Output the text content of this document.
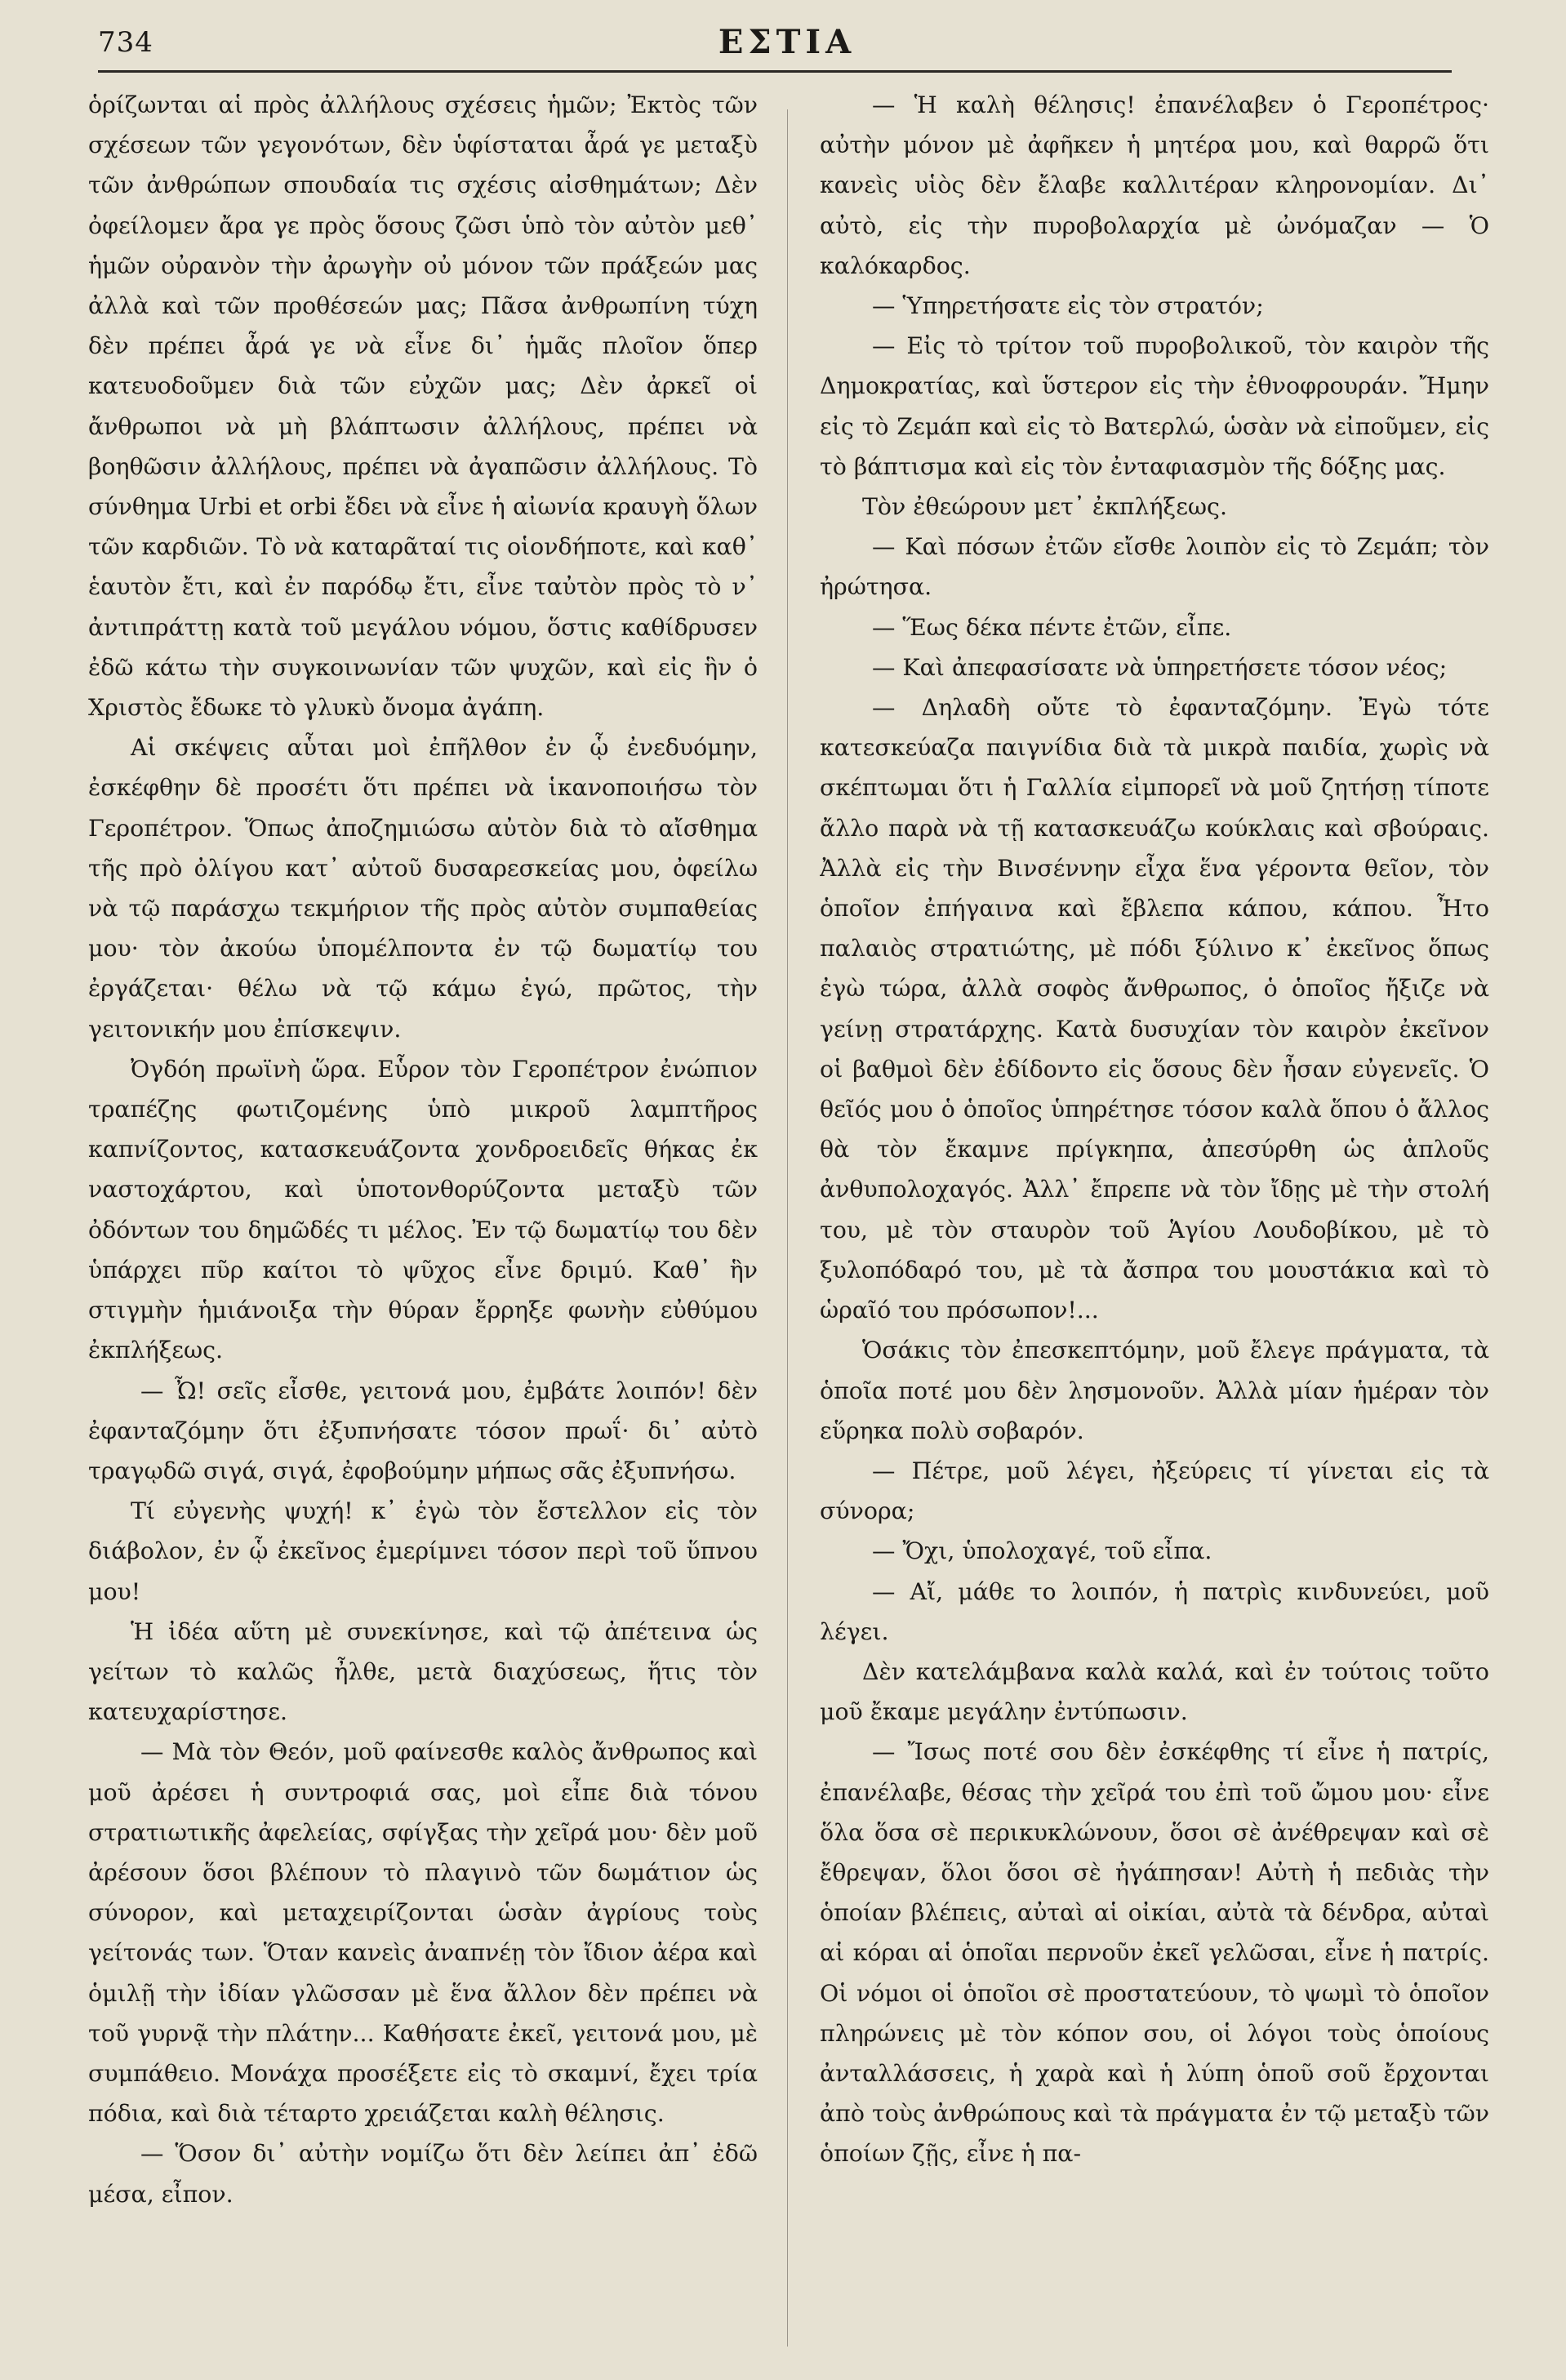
734	ΕΣΤΙΑ

ὁρίζωνται αἱ πρὸς ἀλλήλους σχέσεις ἡμῶν; Ἐκτὸς τῶν σχέσεων τῶν γεγονότων, δὲν ὑφίσταται ἆρά γε μεταξὺ τῶν ἀνθρώπων σπουδαία τις σχέσις αἰσθημάτων; Δὲν ὀφείλομεν ἄρα γε πρὸς ὅσους ζῶσι ὑπὸ τὸν αὐτὸν μεθ᾽ ἡμῶν οὐρανὸν τὴν ἀρωγὴν οὐ μόνον τῶν πράξεών μας ἀλλὰ καὶ τῶν προθέσεών μας; Πᾶσα ἀνθρωπίνη τύχη δὲν πρέπει ἆρά γε νὰ εἶνε δι᾽ ἡμᾶς πλοῖον ὅπερ κατευοδοῦμεν διὰ τῶν εὐχῶν μας; Δὲν ἀρκεῖ οἱ ἄνθρωποι νὰ μὴ βλάπτωσιν ἀλλήλους, πρέπει νὰ βοηθῶσιν ἀλλήλους, πρέπει νὰ ἀγαπῶσιν ἀλλήλους. Τὸ σύνθημα Urbi et orbi ἔδει νὰ εἶνε ἡ αἰωνία κραυγὴ ὅλων τῶν καρδιῶν. Τὸ νὰ καταρᾶταί τις οἱονδήποτε, καὶ καθ᾽ ἑαυτὸν ἔτι, καὶ ἐν παρόδῳ ἔτι, εἶνε ταὐτὸν πρὸς τὸ ν᾽ ἀντιπράττῃ κατὰ τοῦ μεγάλου νόμου, ὅστις καθίδρυσεν ἐδῶ κάτω τὴν συγκοινωνίαν τῶν ψυχῶν, καὶ εἰς ἣν ὁ Χριστὸς ἔδωκε τὸ γλυκὺ ὄνομα ἀγάπη.

Αἱ σκέψεις αὗται μοὶ ἐπῆλθον ἐν ᾧ ἐνεδυόμην, ἐσκέφθην δὲ προσέτι ὅτι πρέπει νὰ ἱκανοποιήσω τὸν Γεροπέτρον. Ὅπως ἀποζημιώσω αὐτὸν διὰ τὸ αἴσθημα τῆς πρὸ ὀλίγου κατ᾽ αὐτοῦ δυσαρεσκείας μου, ὀφείλω νὰ τῷ παράσχω τεκμήριον τῆς πρὸς αὐτὸν συμπαθείας μου· τὸν ἀκούω ὑπομέλποντα ἐν τῷ δωματίῳ του ἐργάζεται· θέλω νὰ τῷ κάμω ἐγώ, πρῶτος, τὴν γειτονικήν μου ἐπίσκεψιν.

Ὀγδόη πρωϊνὴ ὥρα. Εὗρον τὸν Γεροπέτρον ἐνώπιον τραπέζης φωτιζομένης ὑπὸ μικροῦ λαμπτῆρος καπνίζοντος, κατασκευάζοντα χονδροειδεῖς θήκας ἐκ ναστοχάρτου, καὶ ὑποτονθορύζοντα μεταξὺ τῶν ὀδόντων του δημῶδές τι μέλος. Ἐν τῷ δωματίῳ του δὲν ὑπάρχει πῦρ καίτοι τὸ ψῦχος εἶνε δριμύ. Καθ᾽ ἣν στιγμὴν ἡμιάνοιξα τὴν θύραν ἔρρηξε φωνὴν εὐθύμου ἐκπλήξεως.

— Ὦ! σεῖς εἶσθε, γειτονά μου, ἐμβάτε λοιπόν! δὲν ἐφανταζόμην ὅτι ἐξυπνήσατε τόσον πρωΐ· δι᾽ αὐτὸ τραγῳδῶ σιγά, σιγά, ἐφοβούμην μήπως σᾶς ἐξυπνήσω.

Τί εὐγενὴς ψυχή! κ᾽ ἐγὼ τὸν ἔστελλον εἰς τὸν διάβολον, ἐν ᾧ ἐκεῖνος ἐμερίμνει τόσον περὶ τοῦ ὕπνου μου!

Ἡ ἰδέα αὕτη μὲ συνεκίνησε, καὶ τῷ ἀπέτεινα ὡς γείτων τὸ καλῶς ἦλθε, μετὰ διαχύσεως, ἥτις τὸν κατευχαρίστησε.

— Μὰ τὸν Θεόν, μοῦ φαίνεσθε καλὸς ἄνθρωπος καὶ μοῦ ἀρέσει ἡ συντροφιά σας, μοὶ εἶπε διὰ τόνου στρατιωτικῆς ἀφελείας, σφίγξας τὴν χεῖρά μου· δὲν μοῦ ἀρέσουν ὅσοι βλέπουν τὸ πλαγινὸ τῶν δωμάτιον ὡς σύνορον, καὶ μεταχειρίζονται ὡσὰν ἀγρίους τοὺς γείτονάς των. Ὅταν κανεὶς ἀναπνέῃ τὸν ἴδιον ἀέρα καὶ ὁμιλῇ τὴν ἰδίαν γλῶσσαν μὲ ἕνα ἄλλον δὲν πρέπει νὰ τοῦ γυρνᾷ τὴν πλάτην... Καθήσατε ἐκεῖ, γειτονά μου, μὲ συμπάθειο. Μονάχα προσέξετε εἰς τὸ σκαμνί, ἔχει τρία πόδια, καὶ διὰ τέταρτο χρειάζεται καλὴ θέλησις.

— Ὅσον δι᾽ αὐτὴν νομίζω ὅτι δὲν λείπει ἀπ᾽ ἐδῶ μέσα, εἶπον.

— Ἡ καλὴ θέλησις! ἐπανέλαβεν ὁ Γεροπέτρος· αὐτὴν μόνον μὲ ἀφῆκεν ἡ μητέρα μου, καὶ θαρρῶ ὅτι κανεὶς υἱὸς δὲν ἔλαβε καλλιτέραν κληρονομίαν. Δι᾽ αὐτὸ, εἰς τὴν πυροβολαρχία μὲ ὠνόμαζαν — Ὁ καλόκαρδος.

— Ὑπηρετήσατε εἰς τὸν στρατόν;

— Εἰς τὸ τρίτον τοῦ πυροβολικοῦ, τὸν καιρὸν τῆς Δημοκρατίας, καὶ ὕστερον εἰς τὴν ἐθνοφρουράν. Ἤμην εἰς τὸ Ζεμάπ καὶ εἰς τὸ Βατερλώ, ὡσὰν νὰ εἰποῦμεν, εἰς τὸ βάπτισμα καὶ εἰς τὸν ἐνταφιασμὸν τῆς δόξης μας.

Τὸν ἐθεώρουν μετ᾽ ἐκπλήξεως.

— Καὶ πόσων ἐτῶν εἴσθε λοιπὸν εἰς τὸ Ζεμάπ; τὸν ἠρώτησα.

— Ἕως δέκα πέντε ἐτῶν, εἶπε.

— Καὶ ἀπεφασίσατε νὰ ὑπηρετήσετε τόσον νέος;

— Δηλαδὴ οὔτε τὸ ἐφανταζόμην. Ἐγὼ τότε κατεσκεύαζα παιγνίδια διὰ τὰ μικρὰ παιδία, χωρὶς νὰ σκέπτωμαι ὅτι ἡ Γαλλία εἰμπορεῖ νὰ μοῦ ζητήσῃ τίποτε ἄλλο παρὰ νὰ τῇ κατασκευάζω κούκλαις καὶ σβούραις. Ἀλλὰ εἰς τὴν Βινσέννην εἶχα ἕνα γέροντα θεῖον, τὸν ὁποῖον ἐπήγαινα καὶ ἔβλεπα κάπου, κάπου. Ἦτο παλαιὸς στρατιώτης, μὲ πόδι ξύλινο κ᾽ ἐκεῖνος ὅπως ἐγὼ τώρα, ἀλλὰ σοφὸς ἄνθρωπος, ὁ ὁποῖος ἤξιζε νὰ γείνῃ στρατάρχης. Κατὰ δυσυχίαν τὸν καιρὸν ἐκεῖνον οἱ βαθμοὶ δὲν ἐδίδοντο εἰς ὅσους δὲν ἦσαν εὐγενεῖς. Ὁ θεῖός μου ὁ ὁποῖος ὑπηρέτησε τόσον καλὰ ὅπου ὁ ἄλλος θὰ τὸν ἔκαμνε πρίγκηπα, ἀπεσύρθη ὡς ἁπλοῦς ἀνθυπολοχαγός. Ἀλλ᾽ ἔπρεπε νὰ τὸν ἴδῃς μὲ τὴν στολή του, μὲ τὸν σταυρὸν τοῦ Ἁγίου Λουδοβίκου, μὲ τὸ ξυλοπόδαρό του, μὲ τὰ ἄσπρα του μουστάκια καὶ τὸ ὡραῖό του πρόσωπον!...

Ὁσάκις τὸν ἐπεσκεπτόμην, μοῦ ἔλεγε πράγματα, τὰ ὁποῖα ποτέ μου δὲν λησμονοῦν. Ἀλλὰ μίαν ἡμέραν τὸν εὕρηκα πολὺ σοβαρόν.

— Πέτρε, μοῦ λέγει, ἠξεύρεις τί γίνεται εἰς τὰ σύνορα;

— Ὄχι, ὑπολοχαγέ, τοῦ εἶπα.

— Αἴ, μάθε το λοιπόν, ἡ πατρὶς κινδυνεύει, μοῦ λέγει.

Δὲν κατελάμβανα καλὰ καλά, καὶ ἐν τούτοις τοῦτο μοῦ ἔκαμε μεγάλην ἐντύπωσιν.

— Ἴσως ποτέ σου δὲν ἐσκέφθης τί εἶνε ἡ πατρίς, ἐπανέλαβε, θέσας τὴν χεῖρά του ἐπὶ τοῦ ὤμου μου· εἶνε ὅλα ὅσα σὲ περικυκλώνουν, ὅσοι σὲ ἀνέθρεψαν καὶ σὲ ἔθρεψαν, ὅλοι ὅσοι σὲ ἠγάπησαν! Αὐτὴ ἡ πεδιὰς τὴν ὁποίαν βλέπεις, αὐταὶ αἱ οἰκίαι, αὐτὰ τὰ δένδρα, αὐταὶ αἱ κόραι αἱ ὁποῖαι περνοῦν ἐκεῖ γελῶσαι, εἶνε ἡ πατρίς. Οἱ νόμοι οἱ ὁποῖοι σὲ προστατεύουν, τὸ ψωμὶ τὸ ὁποῖον πληρώνεις μὲ τὸν κόπον σου, οἱ λόγοι τοὺς ὁποίους ἀνταλλάσσεις, ἡ χαρὰ καὶ ἡ λύπη ὁποῦ σοῦ ἔρχονται ἀπὸ τοὺς ἀνθρώπους καὶ τὰ πράγματα ἐν τῷ μεταξὺ τῶν ὁποίων ζῇς, εἶνε ἡ πα-
